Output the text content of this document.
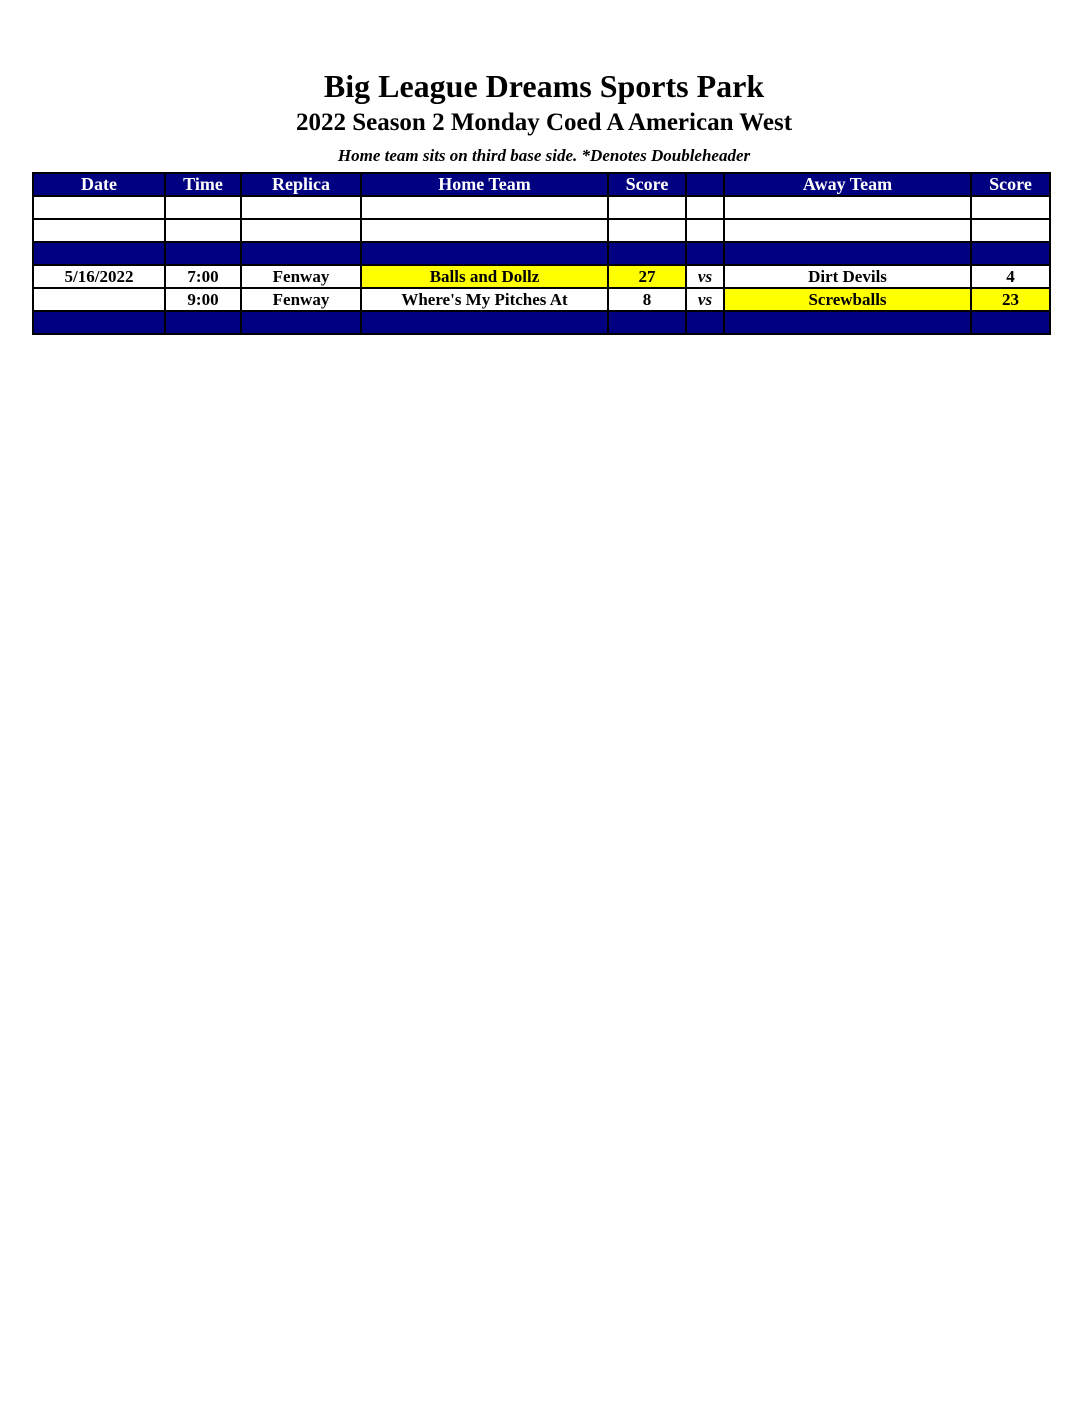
Big League Dreams Sports Park
2022 Season 2 Monday Coed A American West
Home team sits on third base side. *Denotes Doubleheader
Date	Time	Replica	Home Team	Score		Away Team	Score

5/16/2022	7:00	Fenway	Balls and Dollz	27	vs	Dirt Devils	4
	9:00	Fenway	Where's My Pitches At	8	vs	Screwballs	23
